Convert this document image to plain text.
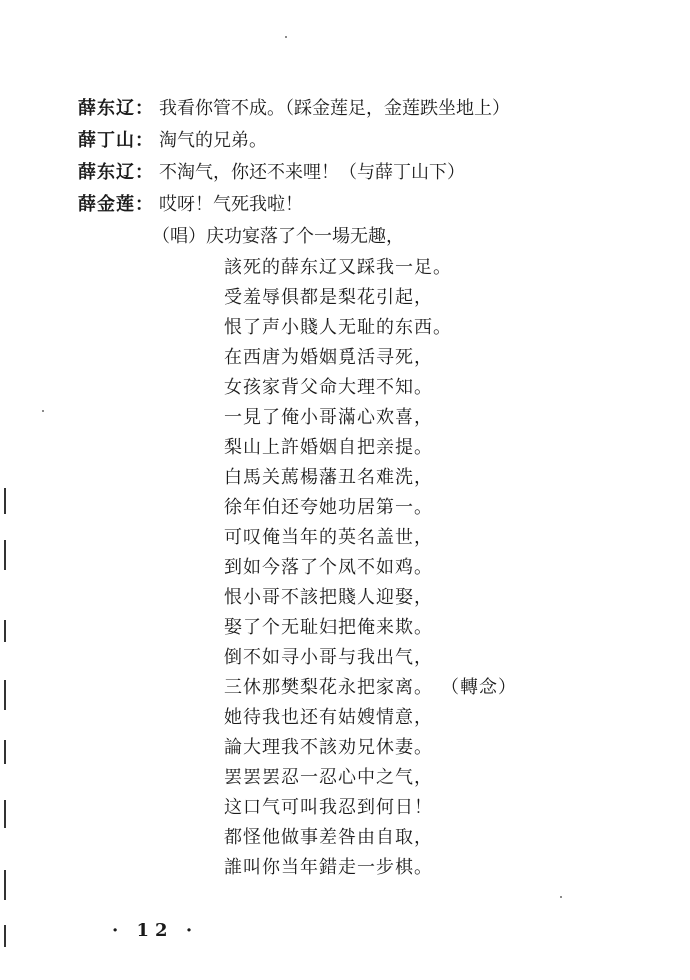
薛东辽 ： 我看你管不成。（踩金莲足，金莲跌坐地上）
薛丁山 ： 淘气的兄弟。
薛东辽 ： 不淘气，你还不来哩！（与薛丁山下）
薛金莲 ： 哎呀！气死我啦！
（唱）庆功宴落了个一場无趣，
該死的薛东辽又踩我一足。
受羞辱俱都是梨花引起，
恨了声小賤人无耻的东西。
在西唐为婚姻覓活寻死，
女孩家背父命大理不知。
一見了俺小哥滿心欢喜，
梨山上許婚姻自把亲提。
白馬关䔍楊藩丑名难洗，
徐年伯还夸她功居第一。
可叹俺当年的英名盖世，
到如今落了个凤不如鸡。
恨小哥不該把賤人迎娶，
娶了个无耻妇把俺来欺。
倒不如寻小哥与我出气，
三休那樊梨花永把家离。 （轉念）
她待我也还有姑嫂情意，
論大理我不該劝兄休妻。
罢罢罢忍一忍心中之气，
这口气可叫我忍到何日！
都怪他做事差咎由自取，
誰叫你当年錯走一步棋。
· 12 ·
